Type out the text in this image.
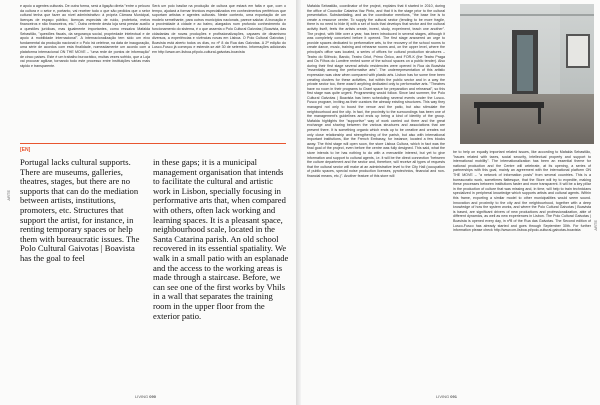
e apoio a agentes culturais. De outra forma, será a ligação direta "entre o pelouro da cultura e o setor e, portanto, vai receber tudo o que são pedidos que o setor cultural tenha que fazer ao nível administrativo: à própria Câmara Municipal, licenças de espaço público, licenças especiais de ruído, protetoria, meios financeiros e não financeiros, etc.". Outra vertente desta loja será prestar auxílio a questões jurídicas, mas igualmente importantes, como ressalva Mafalda Sebastião, "questões fiscais, da segurança social, propriedade intelectual e de apoio à mobilidade internacional". A internacionalização tem sido um eixo fundamental da produção nacional e o Polo irá celebrar, na data de inauguração, uma série de acordos com esta finalidade, nomeadamente um acordo com a plataforma internacional ON THE MOVE – "uma rede de pontos de informação" de cinco países. Este é um trabalho burocrático, muitas vezes sofrido, que a Loja vai procurar agilizar, tornando todo este processo entre instituições várias mais rápido e transparente.
Será um polo basilar na produção de cultura que estará em falta e que, com o tempo, ajudará a formar técnicos especializados em conhecimentos periféricos que suportam artistas e agentes culturais. Neste contexto, uma exportação de um modelo semelhante, para outros municípios nacionais, parece salutar. A inovação e a proximidade à cidade e ao bairro, alargados num profundo conhecimento do funcionamento do sistema, é o que assenta o Polo Cultural Gaivotas | Boavista, das cidadanias de novas produções e profissionalizações, capazes de dinamismo diversos, a experiências e vivências novas em Lisboa. O Polo Cultural Gaivotas | Boavista está aberto todos os dias, no nº 8 da Rua das Gaivotas. A 2ª edição do Lusco-Fusco já começou e estende-se até 30 de setembro. Informações adicionais em http://www.cm-lisboa.pt/polo-cultural-gaivotas-boavista
[EN]
ARTE
Portugal lacks cultural supports. There are museums, galleries, theatres, stages, but there are no supports that can do the mediation between artists, institutions, promoters, etc. Structures that support the artist, for instance, in renting temporary spaces or help them with bureaucratic issues. The Polo Cultural Gaivotas | Boavista has the goal to feel
in these gaps; it is a municipal management organisation that intends to facilitate the cultural and artistic work in Lisbon, specially focusing in performative arts that, when compared with others, often lack working and learning spaces. It is a pleasant space, neighbourhood scale, located in the Santa Catarina parish. An old school recovered in its essential spatiality. We walk in a small patio with an esplanade and the access to the working areas is made through a staircase. Before, we can see one of the first works by Vhils in a wall that separates the training room in the upper floor from the exterior patio.
LIVING 090
Mafalda Sebastião, coordinator of the project, explains that it started in 2010, during the office of Councilor Catarina Vaz Pinto, and that it is the stage prior to the cultural presentation. Substantiating, and as the coordinator mentions, "the base line is to create a resource centre. To supply the cultural sector (tending to be more fragile, there is no need to hide it) with a set of tools that develops that sector and the cultural activity itself, feels the artists create, invest, study, experiment, teach one another". The project, with little over a year, has been introduced in several stages, although it was completely conceived before it opened. The first stage answered an urge to provide spaces dedicated to performative arts, to the recovery of the school rooms to create dance, music, training and rehearse rooms and, on the upper level, where the principal's office was located, a series of offices for cultural production structures – Teatro do Silêncio, Bando, Teatro Griot, Primo Ônico, and FOR-K (the Teatro Praga and Os Filhos do Lumière rented some of the school spaces on a public tender). Also during their first stage several artistic residencies were opened in Rua da Boavista "essentially among the performative arts". The underrepresentation of this artistic expression was clear when compared with plastic arts. Lisbon has for some time been creating clusters for these activities, but within the public sector and in a way the private sector too, there wasn't anything dedicated only to performative arts. "Theatres have no room in their programs to Grant space for preparation and rehearsal", so this first stage was quite urgent. Programming would follow. Since last summer, the Polo Cultural Gaivotas | Boavista has been scheduling several events under the Lusco-Fusco program, inviting as their curators the already existing structures. This way they managed not only to boost the venue and the patio, but also stimulate the neighbourhood and the city. In fact, the proximity to the surroundings has been one of the management's guidelines and ends up being a kind of identity of the group. Mafalda highlights the "supportive" way of work carried out there and the great exchange and sharing between the various structures and associations that are present there. It is something organic which ends up to be creative and creates not only close relationship and strengthening of the parish, but also with international important institutions, like the French Embassy, for instance, located a few blocks away. The third stage will open soon, the store Lisboa Cultura, which in fact was the final goal of the project, even before the centre was fully designed. This said, what the store intends to be has nothing to do with a mercantile interest, but yet to give information and support to cultural agents, i.e. it will be the direct connection "between the culture department and the sector and, therefore, will receive all types of requests that the cultural sector will make at an administrative level to the City Hall (occupation of public spaces, special noise production licenses, pyrotechnics, financial and non-financial means, etc.)". Another feature of this store will
be to help on equally important related issues, like according to Mafalda Sebastião, "issues related with taxes, social security, intellectual property and support to international mobility". The internationalization has been an essential theme for national production and the Centre will celebrate, at its opening, a series of partnerships with this goal, mainly an agreement with the international platform ON THE MOVE – "a network of information posts" from several countries. This is a bureaucratic work, sometimes flattesque, that the Store will try to expedite, making these processes between institutions faster and more transparent. It will be a key pillar in the production of culture that was missing and, in time, will help to train technicians specialized in peripheral knowledge which supports artists and cultural agents. Within this frame, exporting a similar model to other municipalities would seem sound. Innovation and proximity to the city and the neighbourhood, together with a deep knowledge of how the system works, and where the Polo Cultural Gaivotas | Boavista is based, are significant drivers of new productions and professionalization, able of different dynamics, as well as new experiences in Lisbon. The Polo Cultural Gaivotas | Boavista is opened every day, in nº8 of the Rua das Gaivotas. The Second edition of Lusco-Fusco has already started and goes through September 30th. For further information please check http://www.cm-lisboa.pt/polo-cultural-gaivotas-boavista	ARTE
LIVING 091
